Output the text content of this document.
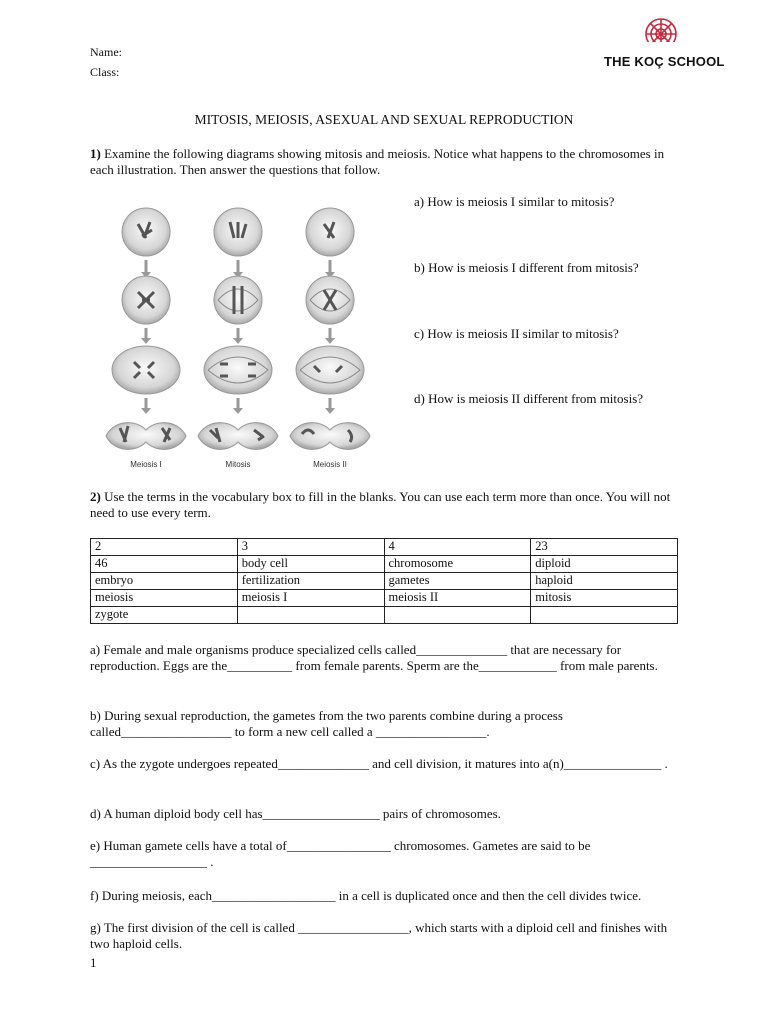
Name:
Class:
THE KOÇ SCHOOL
MITOSIS, MEIOSIS, ASEXUAL AND SEXUAL REPRODUCTION
1) Examine the following diagrams showing mitosis and meiosis. Notice what happens to the chromosomes in each illustration. Then answer the questions that follow.
Meiosis I	Mitosis	Meiosis II
a) How is meiosis I similar to mitosis?
b) How is meiosis I different from mitosis?
c) How is meiosis II similar to mitosis?
d) How is meiosis II different from mitosis?
2) Use the terms in the vocabulary box to fill in the blanks. You can use each term more than once. You will not need to use every term.
2	3	4	23
46	body cell	chromosome	diploid
embryo	fertilization	gametes	haploid
meiosis	meiosis I	meiosis II	mitosis
zygote			
a) Female and male organisms produce specialized cells called______________ that are necessary for reproduction. Eggs are the__________ from female parents. Sperm are the____________ from male parents.
b) During sexual reproduction, the gametes from the two parents combine during a process called_________________ to form a new cell called a _________________.
c) As the zygote undergoes repeated______________ and cell division, it matures into a(n)_______________ .
d) A human diploid body cell has__________________ pairs of chromosomes.
e) Human gamete cells have a total of________________ chromosomes. Gametes are said to be __________________ .
f) During meiosis, each___________________ in a cell is duplicated once and then the cell divides twice.
g) The first division of the cell is called _________________, which starts with a diploid cell and finishes with two haploid cells.
1
